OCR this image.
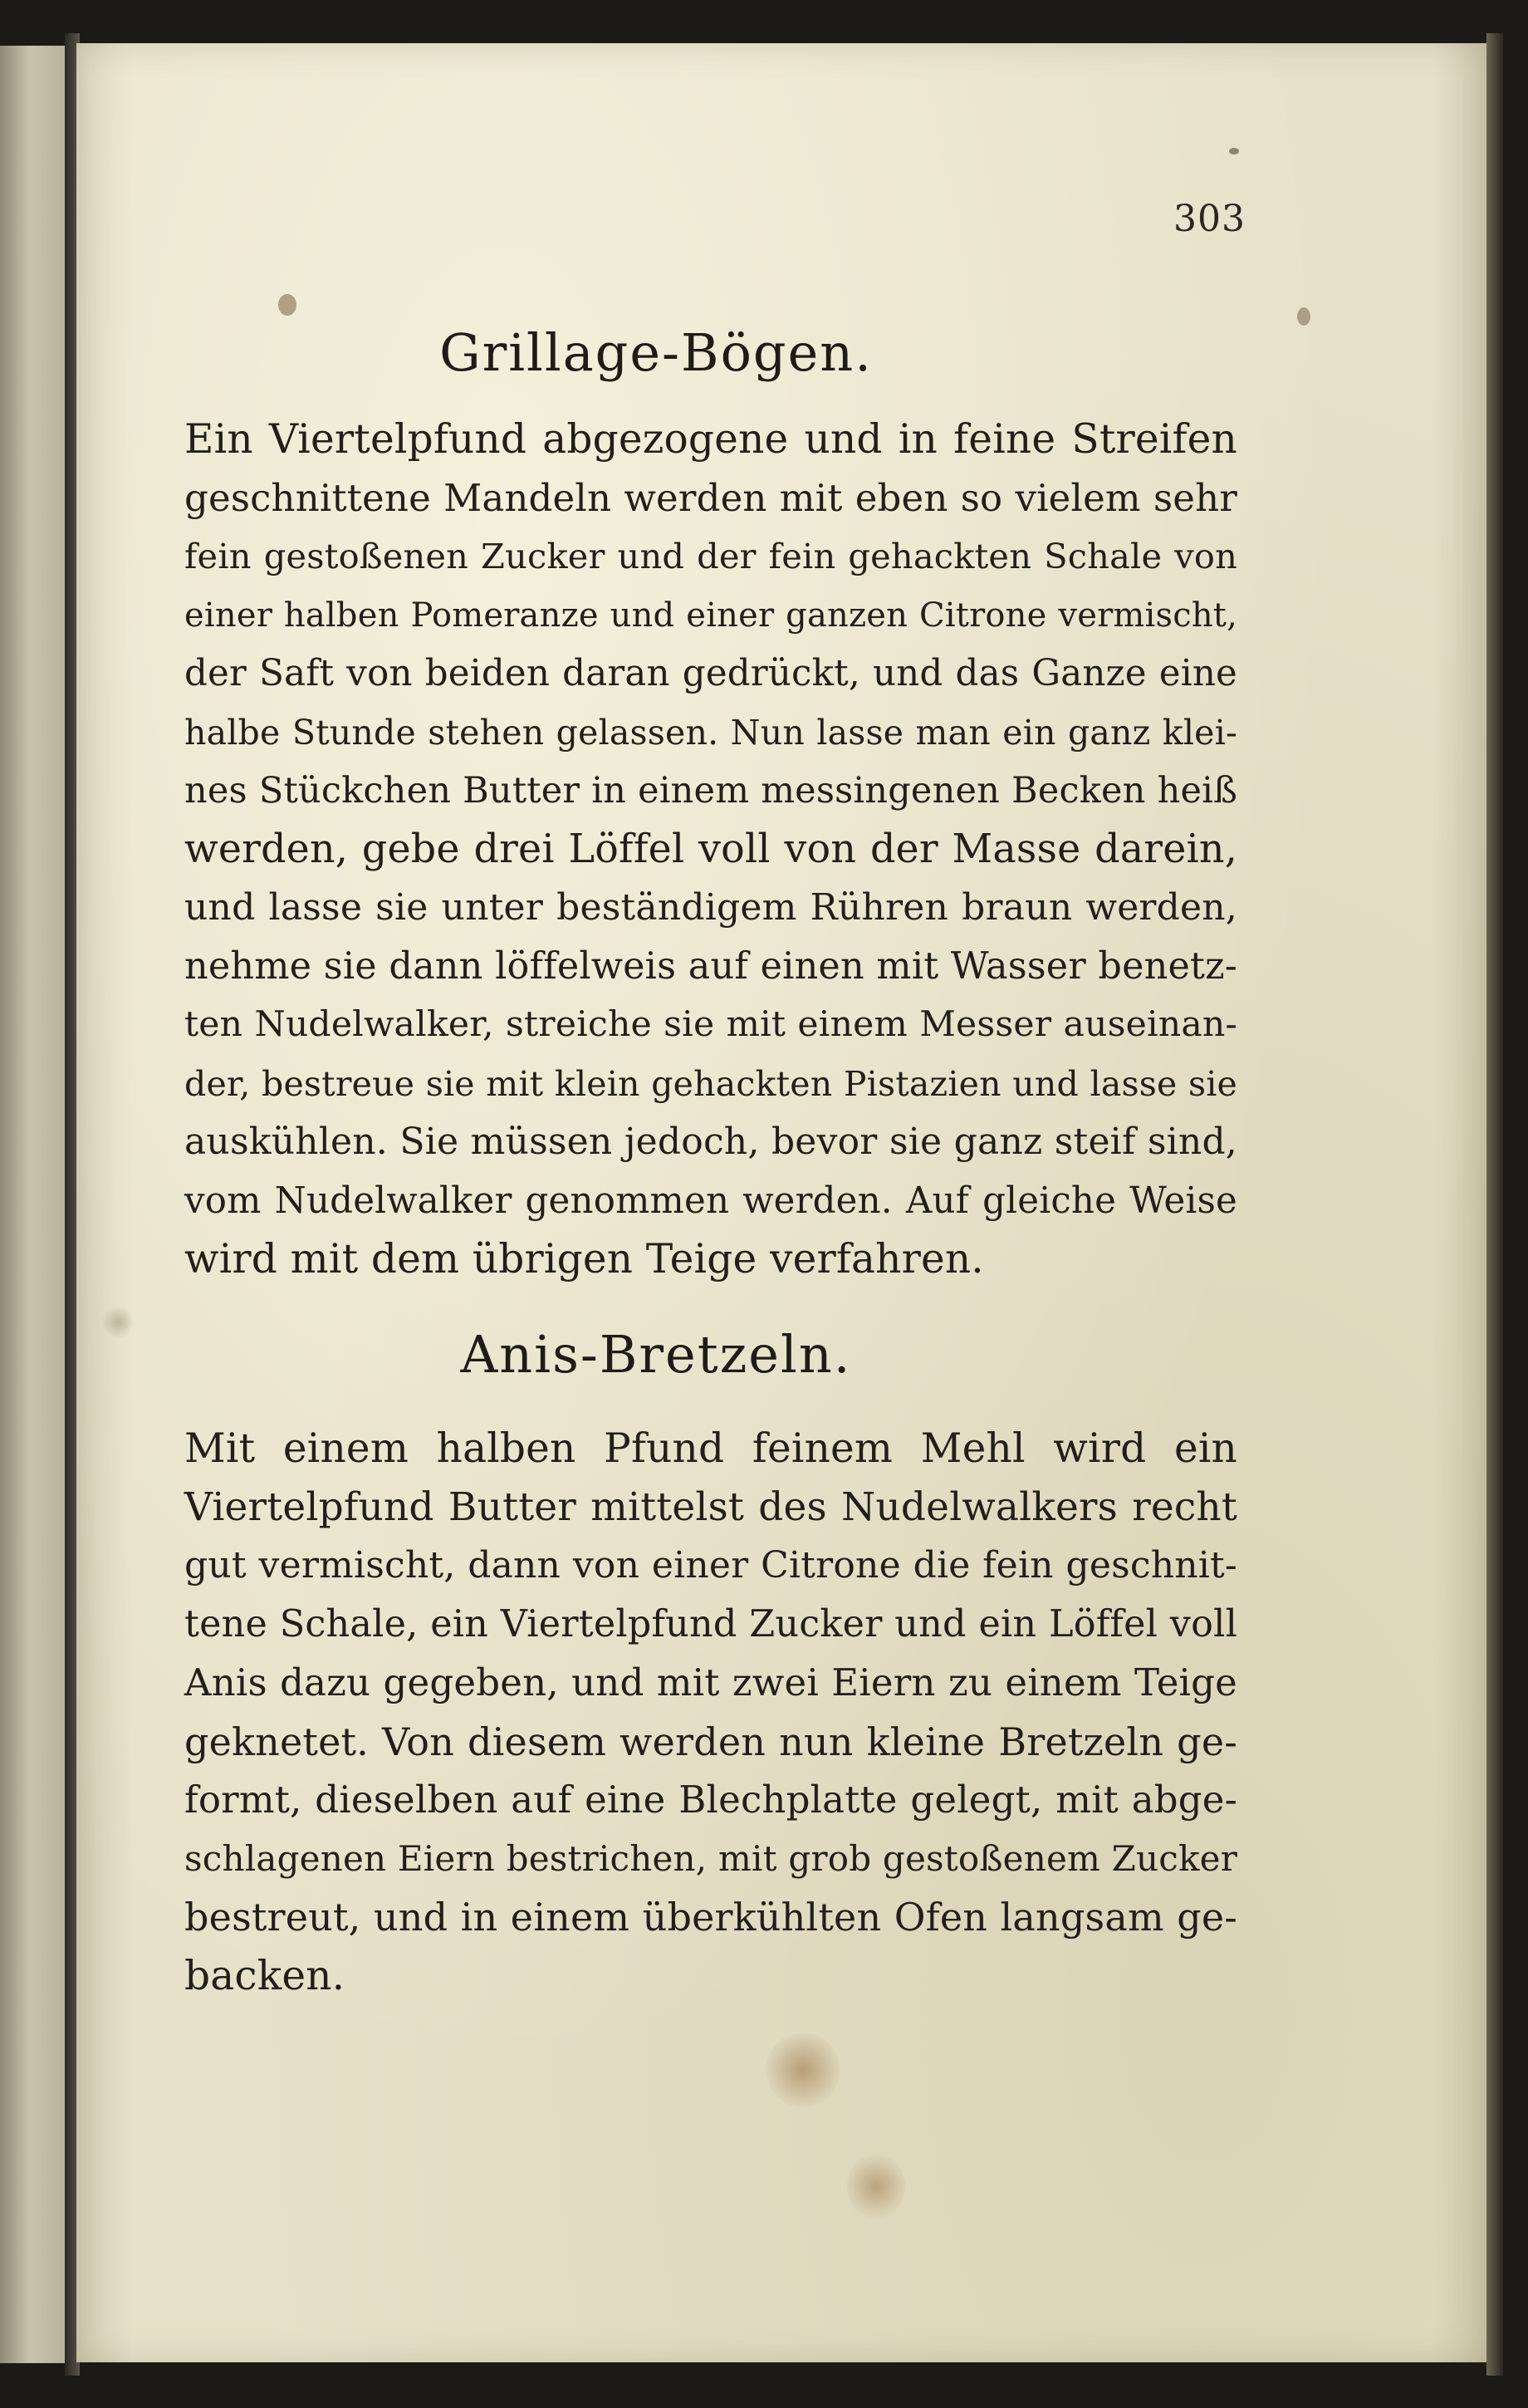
303
Grillage-Bögen.
Ein Viertelpfund abgezogene und in feine Streifen
geschnittene Mandeln werden mit eben so vielem sehr
fein gestoßenen Zucker und der fein gehackten Schale von
einer halben Pomeranze und einer ganzen Citrone vermischt,
der Saft von beiden daran gedrückt, und das Ganze eine
halbe Stunde stehen gelassen. Nun lasse man ein ganz klei-
nes Stückchen Butter in einem messingenen Becken heiß
werden, gebe drei Löffel voll von der Masse darein,
und lasse sie unter beständigem Rühren braun werden,
nehme sie dann löffelweis auf einen mit Wasser benetz-
ten Nudelwalker, streiche sie mit einem Messer auseinan-
der, bestreue sie mit klein gehackten Pistazien und lasse sie
auskühlen. Sie müssen jedoch, bevor sie ganz steif sind,
vom Nudelwalker genommen werden. Auf gleiche Weise
wird mit dem übrigen Teige verfahren.
Anis-Bretzeln.
Mit einem halben Pfund feinem Mehl wird ein
Viertelpfund Butter mittelst des Nudelwalkers recht
gut vermischt, dann von einer Citrone die fein geschnit-
tene Schale, ein Viertelpfund Zucker und ein Löffel voll
Anis dazu gegeben, und mit zwei Eiern zu einem Teige
geknetet. Von diesem werden nun kleine Bretzeln ge-
formt, dieselben auf eine Blechplatte gelegt, mit abge-
schlagenen Eiern bestrichen, mit grob gestoßenem Zucker
bestreut, und in einem überkühlten Ofen langsam ge-
backen.
